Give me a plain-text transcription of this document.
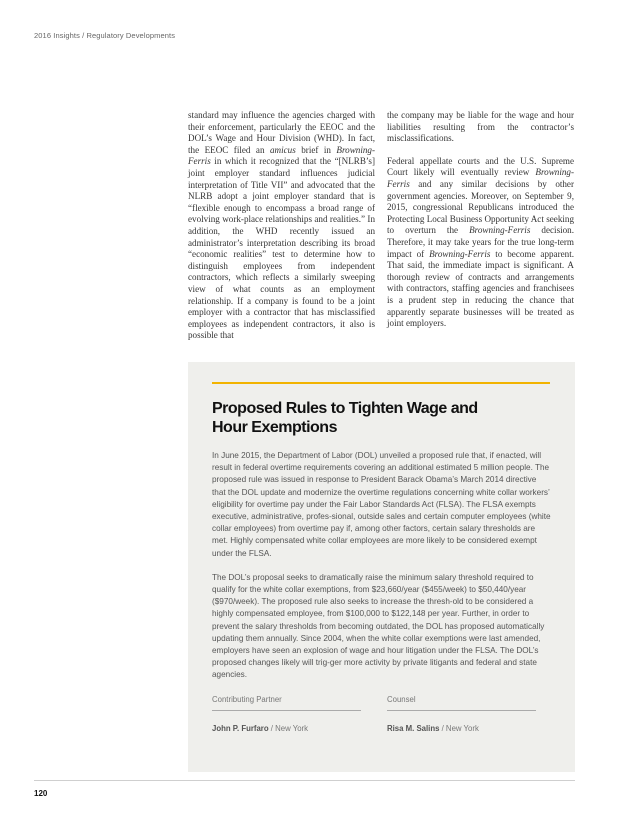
2016 Insights / Regulatory Developments

standard may influence the agencies charged with their enforcement, particularly the EEOC and the DOL’s Wage and Hour Division (WHD). In fact, the EEOC filed an amicus brief in Browning-Ferris in which it recognized that the “[NLRB’s] joint employer standard influences judicial interpretation of Title VII” and advocated that the NLRB adopt a joint employer standard that is “flexible enough to encompass a broad range of evolving work-place relationships and realities.” In addition, the WHD recently issued an administrator’s interpretation describing its broad “economic realities” test to determine how to distinguish employees from independent contractors, which reflects a similarly sweeping view of what counts as an employment relationship. If a company is found to be a joint employer with a contractor that has misclassified employees as independent contractors, it also is possible that

the company may be liable for the wage and hour liabilities resulting from the contractor’s misclassifications.

Federal appellate courts and the U.S. Supreme Court likely will eventually review Browning-Ferris and any similar decisions by other government agencies. Moreover, on September 9, 2015, congressional Republicans introduced the Protecting Local Business Opportunity Act seeking to overturn the Browning-Ferris decision. Therefore, it may take years for the true long-term impact of Browning-Ferris to become apparent. That said, the immediate impact is significant. A thorough review of contracts and arrangements with contractors, staffing agencies and franchisees is a prudent step in reducing the chance that apparently separate businesses will be treated as joint employers.

Proposed Rules to Tighten Wage and Hour Exemptions

In June 2015, the Department of Labor (DOL) unveiled a proposed rule that, if enacted, will result in federal overtime requirements covering an additional estimated 5 million people. The proposed rule was issued in response to President Barack Obama’s March 2014 directive that the DOL update and modernize the overtime regulations concerning white collar workers’ eligibility for overtime pay under the Fair Labor Standards Act (FLSA). The FLSA exempts executive, administrative, profes-sional, outside sales and certain computer employees (white collar employees) from overtime pay if, among other factors, certain salary thresholds are met. Highly compensated white collar employees are more likely to be considered exempt under the FLSA.

The DOL’s proposal seeks to dramatically raise the minimum salary threshold required to qualify for the white collar exemptions, from $23,660/year ($455/week) to $50,440/year ($970/week). The proposed rule also seeks to increase the thresh-old to be considered a highly compensated employee, from $100,000 to $122,148 per year. Further, in order to prevent the salary thresholds from becoming outdated, the DOL has proposed automatically updating them annually. Since 2004, when the white collar exemptions were last amended, employers have seen an explosion of wage and hour litigation under the FLSA. The DOL’s proposed changes likely will trig-ger more activity by private litigants and federal and state agencies.

Contributing Partner
John P. Furfaro / New York
Counsel
Risa M. Salins / New York
120
